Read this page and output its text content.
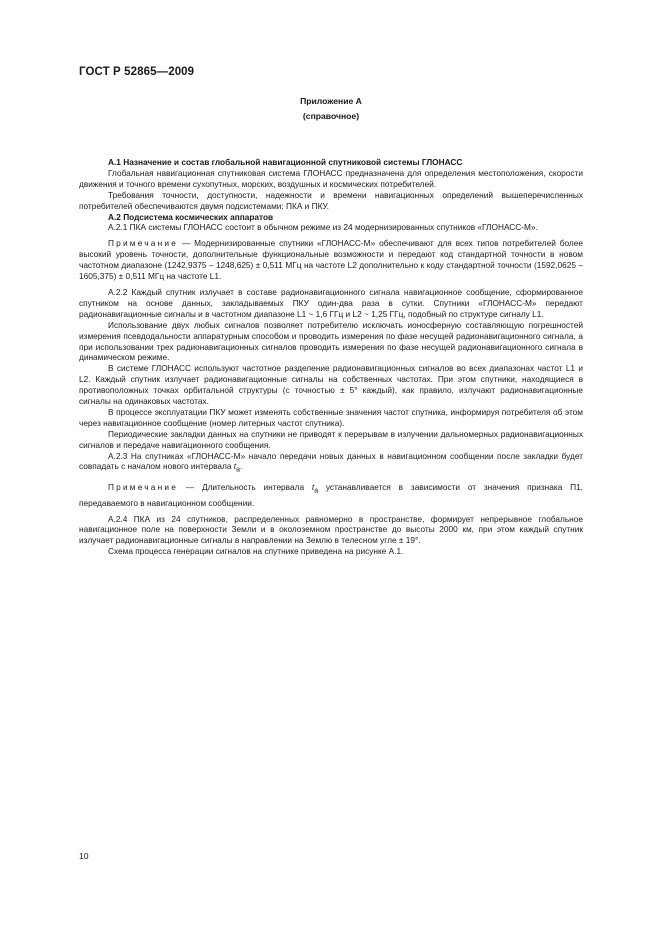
ГОСТ Р 52865—2009
Приложение А
(справочное)

А.1 Назначение и состав глобальной навигационной спутниковой системы ГЛОНАСС

Глобальная навигационная спутниковая система ГЛОНАСС предназначена для определения местоположения, скорости движения и точного времени сухопутных, морских, воздушных и космических потребителей.

Требования точности, доступности, надежности и времени навигационных определений вышеперечисленных потребителей обеспечиваются двумя подсистемами: ПКА и ПКУ.

А.2 Подсистема космических аппаратов

А.2.1 ПКА системы ГЛОНАСС состоит в обычном режиме из 24 модернизированных спутников «ГЛОНАСС-М».

Примечание — Модернизированные спутники «ГЛОНАСС-М» обеспечивают для всех типов потребителей более высокий уровень точности, дополнительные функциональные возможности и передают код стандартной точности в новом частотном диапазоне (1242,9375 – 1248,625) ± 0,511 МГц на частоте L2 дополнительно к коду стандартной точности (1592,0625 – 1605,375) ± 0,511 МГц на частоте L1.

А.2.2 Каждый спутник излучает в составе радионавигационного сигнала навигационное сообщение, сформированное спутником на основе данных, закладываемых ПКУ один-два раза в сутки. Спутники «ГЛОНАСС-М» передают радионавигационные сигналы и в частотном диапазоне L1 ~ 1,6 ГГц и L2 ~ 1,25 ГГц, подобный по структуре сигналу L1.

Использование двух любых сигналов позволяет потребителю исключать ионосферную составляющую погрешностей измерения псевдодальности аппаратурным способом и проводить измерения по фазе несущей радионавигационного сигнала, а при использовании трех радионавигационных сигналов проводить измерения по фазе несущей радионавигационного сигнала в динамическом режиме.

В системе ГЛОНАСС используют частотное разделение радионавигационных сигналов во всех диапазонах частот L1 и L2. Каждый спутник излучает радионавигационные сигналы на собственных частотах. При этом спутники, находящиеся в противоположных точках орбитальной структуры (с точностью ± 5° каждый), как правило, излучают радионавигационные сигналы на одинаковых частотах.

В процессе эксплуатации ПКУ может изменять собственные значения частот спутника, информируя потребителя об этом через навигационное сообщение (номер литерных частот спутника).

Периодические закладки данных на спутники не приводят к перерывам в излучении дальномерных радионавигационных сигналов и передаче навигационного сообщения.

А.2.3 На спутниках «ГЛОНАСС-М» начало передачи новых данных в навигационном сообщении после закладки будет совпадать с началом нового интервала $t_a$.

Примечание — Длительность интервала $t_a$ устанавливается в зависимости от значения признака П1, передаваемого в навигационном сообщении.

А.2.4 ПКА из 24 спутников, распределенных равномерно в пространстве, формирует непрерывное глобальное навигационное поле на поверхности Земли и в околоземном пространстве до высоты 2000 км, при этом каждый спутник излучает радионавигационные сигналы в направлении на Землю в телесном угле ± 19°.

Схема процесса генерации сигналов на спутнике приведена на рисунке А.1.

10
